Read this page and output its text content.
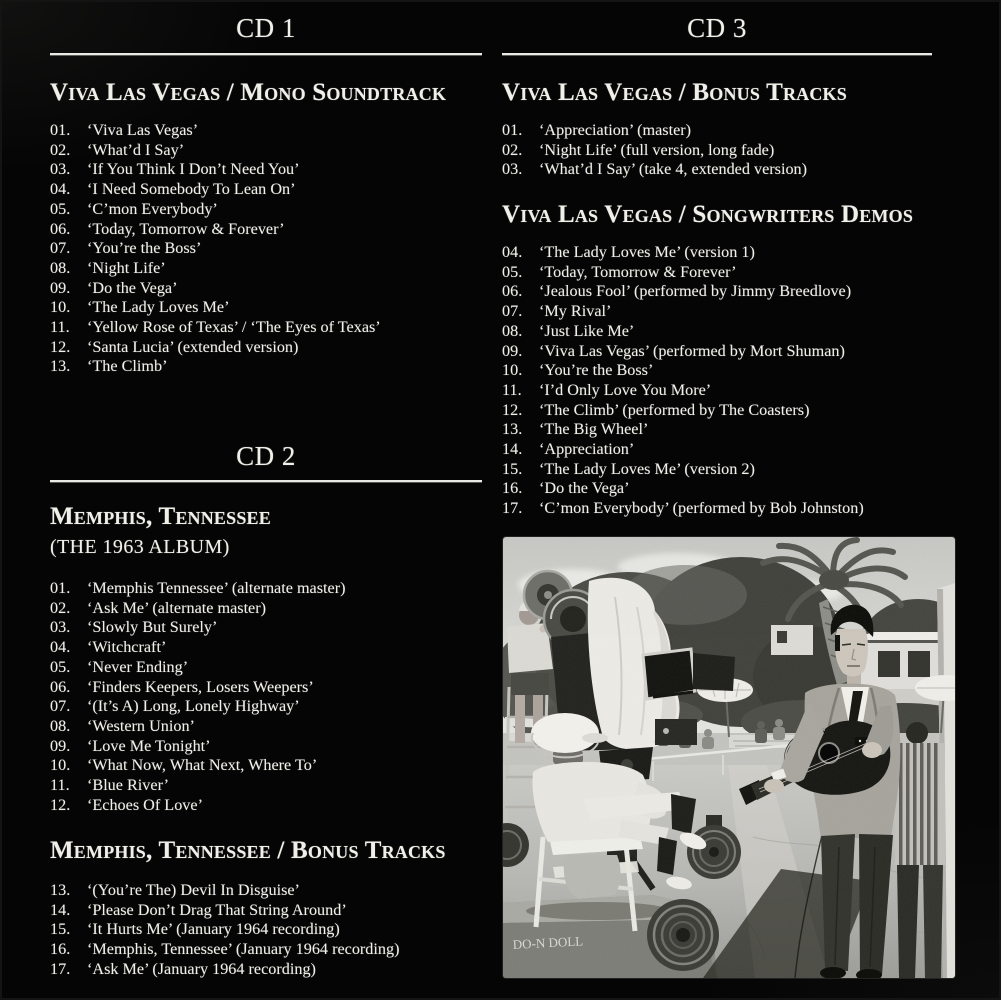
CD 1
Viva Las Vegas / Mono Soundtrack
01.	‘Viva Las Vegas’
02.	‘What’d I Say’
03.	‘If You Think I Don’t Need You’
04.	‘I Need Somebody To Lean On’
05.	‘C’mon Everybody’
06.	‘Today, Tomorrow & Forever’
07.	‘You’re the Boss’
08.	‘Night Life’
09.	‘Do the Vega’
10.	‘The Lady Loves Me’
11.	‘Yellow Rose of Texas’ / ‘The Eyes of Texas’
12.	‘Santa Lucia’ (extended version)
13.	‘The Climb’
CD 2
Memphis, Tennessee
(THE 1963 ALBUM)
01.	‘Memphis Tennessee’ (alternate master)
02.	‘Ask Me’ (alternate master)
03.	‘Slowly But Surely’
04.	‘Witchcraft’
05.	‘Never Ending’
06.	‘Finders Keepers, Losers Weepers’
07.	‘(It’s A) Long, Lonely Highway’
08.	‘Western Union’
09.	‘Love Me Tonight’
10.	‘What Now, What Next, Where To’
11.	‘Blue River’
12.	‘Echoes Of Love’
Memphis, Tennessee / Bonus Tracks
13.	‘(You’re The) Devil In Disguise’
14.	‘Please Don’t Drag That String Around’
15.	‘It Hurts Me’ (January 1964 recording)
16.	‘Memphis, Tennessee’ (January 1964 recording)
17.	‘Ask Me’ (January 1964 recording)
CD 3
Viva Las Vegas / Bonus Tracks
01.	‘Appreciation’ (master)
02.	‘Night Life’ (full version, long fade)
03.	‘What’d I Say’ (take 4, extended version)
Viva Las Vegas / Songwriters Demos
04.	‘The Lady Loves Me’ (version 1)
05.	‘Today, Tomorrow & Forever’
06.	‘Jealous Fool’ (performed by Jimmy Breedlove)
07.	‘My Rival’
08.	‘Just Like Me’
09.	‘Viva Las Vegas’ (performed by Mort Shuman)
10.	‘You’re the Boss’
11.	‘I’d Only Love You More’
12.	‘The Climb’ (performed by The Coasters)
13.	‘The Big Wheel’
14.	‘Appreciation’
15.	‘The Lady Loves Me’ (version 2)
16.	‘Do the Vega’
17.	‘C’mon Everybody’ (performed by Bob Johnston)
DO-N DOLL
